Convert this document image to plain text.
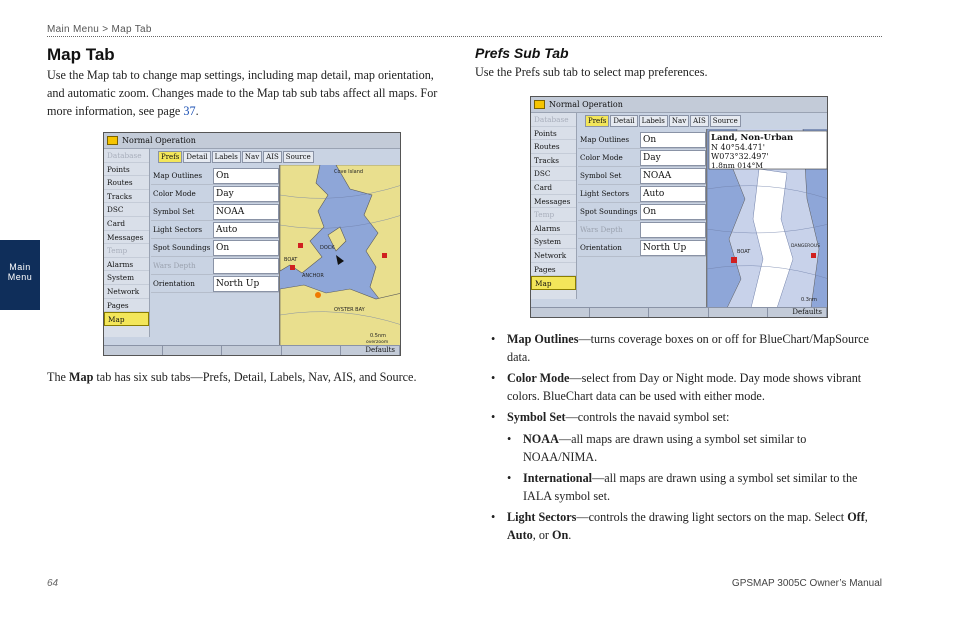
Main Menu > Map Tab
Main
Menu
Map Tab
Use the Map tab to change map settings, including map detail, map orientation, and automatic zoom. Changes made to the Map tab sub tabs affect all maps. For more information, see page 37.
Normal Operation
Database
Points
Routes
Tracks
DSC
Card
Messages
Temp
Alarms
System
Network
Pages
Map
Prefs	Detail	Labels	Nav	AIS	Source
Map Outlines	On
Color Mode	Day
Symbol Set	NOAA
Light Sectors	Auto
Spot Soundings On
Wars Depth
Orientation	North Up
Cove Island
DOCK
BOAT
ANCHOR
OYSTER BAY
0.5nm
overzoom
Defaults
The Map tab has six sub tabs—Prefs, Detail, Labels, Nav, AIS, and Source.
Prefs Sub Tab
Use the Prefs sub tab to select map preferences.
Normal Operation
Database
Points
Routes
Tracks
DSC
Card
Messages
Temp
Alarms
System
Network
Pages
Map
Prefs	Detail	Labels	Nav	AIS	Source
Map Outlines	On
Color Mode	Day
Symbol Set	NOAA
Light Sectors	Auto
Spot Soundings On
Wars Depth
Orientation	North Up
Land, Non-Urban
N 40°54.471'
W073°32.497'
1.8nm 014°M
BOAT
DANGEROUS
0.3nm
Defaults
• Map Outlines—turns coverage boxes on or off for BlueChart/MapSource data.
• Color Mode—select from Day or Night mode. Day mode shows vibrant colors. BlueChart data can be used with either mode.
• Symbol Set—controls the navaid symbol set:
• NOAA—all maps are drawn using a symbol set similar to NOAA/NIMA.
• International—all maps are drawn using a symbol set similar to the IALA symbol set.
• Light Sectors—controls the drawing light sectors on the map. Select Off, Auto, or On.
64	GPSMAP 3005C Owner’s Manual
